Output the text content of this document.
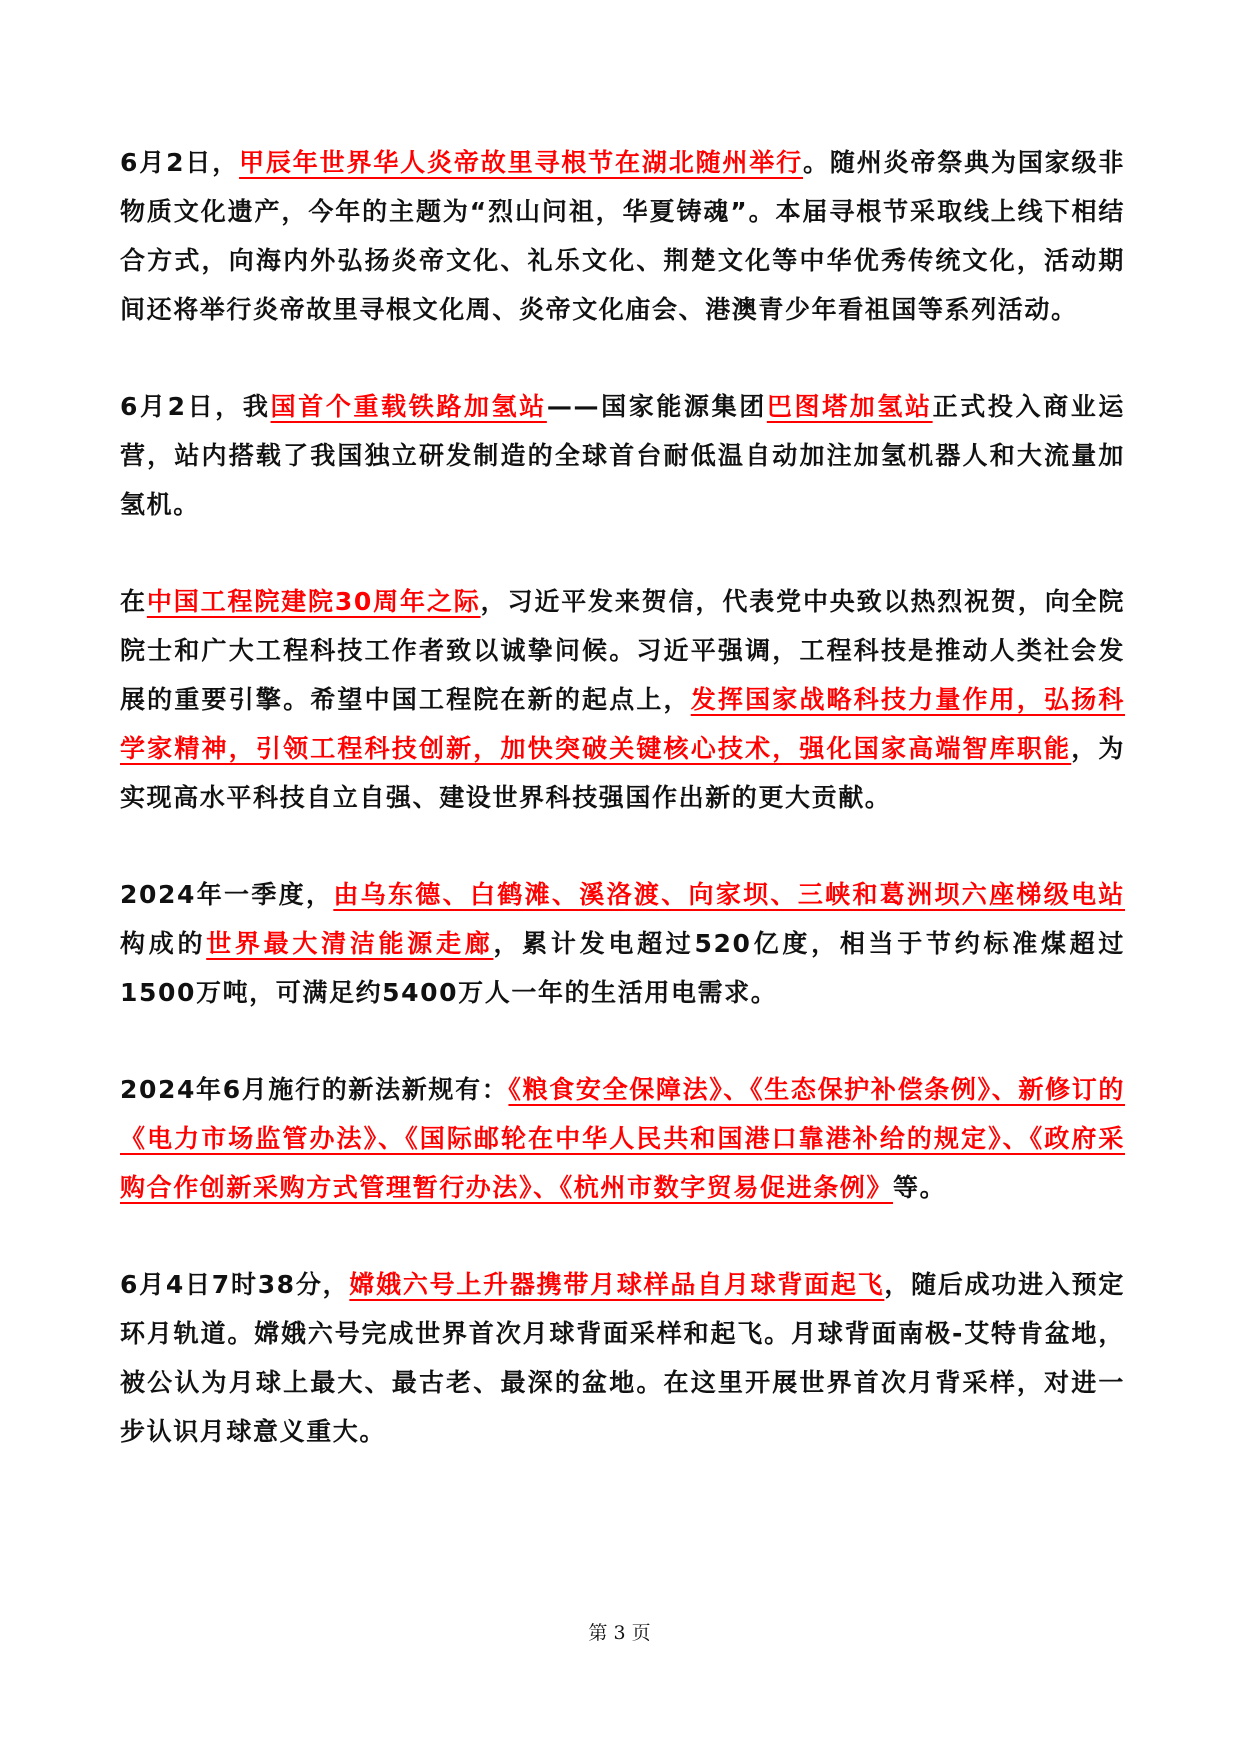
6月2日，甲辰年世界华人炎帝故里寻根节在湖北随州举行。随州炎帝祭典为国家级非物质文化遗产，今年的主题为“烈山问祖，华夏铸魂”。本届寻根节采取线上线下相结合方式，向海内外弘扬炎帝文化、礼乐文化、荆楚文化等中华优秀传统文化，活动期间还将举行炎帝故里寻根文化周、炎帝文化庙会、港澳青少年看祖国等系列活动。

6月2日，我国首个重载铁路加氢站——国家能源集团巴图塔加氢站正式投入商业运营，站内搭载了我国独立研发制造的全球首台耐低温自动加注加氢机器人和大流量加氢机。

在中国工程院建院30周年之际，习近平发来贺信，代表党中央致以热烈祝贺，向全院院士和广大工程科技工作者致以诚挚问候。习近平强调，工程科技是推动人类社会发展的重要引擎。希望中国工程院在新的起点上，发挥国家战略科技力量作用，弘扬科学家精神，引领工程科技创新，加快突破关键核心技术，强化国家高端智库职能，为实现高水平科技自立自强、建设世界科技强国作出新的更大贡献。

2024年一季度，由乌东德、白鹤滩、溪洛渡、向家坝、三峡和葛洲坝六座梯级电站构成的世界最大清洁能源走廊，累计发电超过520亿度，相当于节约标准煤超过1500万吨，可满足约5400万人一年的生活用电需求。

2024年6月施行的新法新规有：《粮食安全保障法》、《生态保护补偿条例》、新修订的《电力市场监管办法》、《国际邮轮在中华人民共和国港口靠港补给的规定》、《政府采购合作创新采购方式管理暂行办法》、《杭州市数字贸易促进条例》等。

6月4日7时38分，嫦娥六号上升器携带月球样品自月球背面起飞，随后成功进入预定环月轨道。嫦娥六号完成世界首次月球背面采样和起飞。月球背面南极-艾特肯盆地，被公认为月球上最大、最古老、最深的盆地。在这里开展世界首次月背采样，对进一步认识月球意义重大。

第 3 页
